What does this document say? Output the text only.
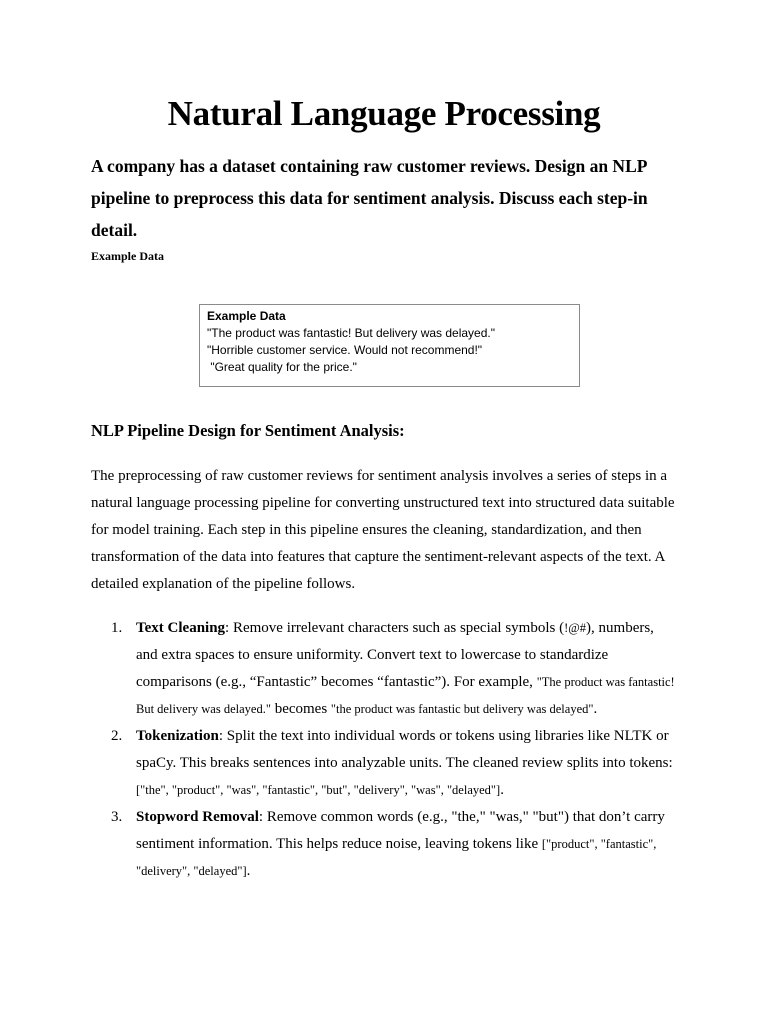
Natural Language Processing

A company has a dataset containing raw customer reviews. Design an NLP pipeline to preprocess this data for sentiment analysis. Discuss each step-in detail.

Example Data

Example Data
"The product was fantastic! But delivery was delayed."
"Horrible customer service. Would not recommend!"
"Great quality for the price."
NLP Pipeline Design for Sentiment Analysis:

The preprocessing of raw customer reviews for sentiment analysis involves a series of steps in a natural language processing pipeline for converting unstructured text into structured data suitable for model training. Each step in this pipeline ensures the cleaning, standardization, and then transformation of the data into features that capture the sentiment-relevant aspects of the text. A detailed explanation of the pipeline follows.

1. Text Cleaning: Remove irrelevant characters such as special symbols (!@#), numbers, and extra spaces to ensure uniformity. Convert text to lowercase to standardize comparisons (e.g., “Fantastic” becomes “fantastic”). For example, "The product was fantastic! But delivery was delayed." becomes "the product was fantastic but delivery was delayed".
2. Tokenization: Split the text into individual words or tokens using libraries like NLTK or spaCy. This breaks sentences into analyzable units. The cleaned review splits into tokens: ["the", "product", "was", "fantastic", "but", "delivery", "was", "delayed"].
3. Stopword Removal: Remove common words (e.g., "the," "was," "but") that don’t carry sentiment information. This helps reduce noise, leaving tokens like ["product", "fantastic", "delivery", "delayed"].
